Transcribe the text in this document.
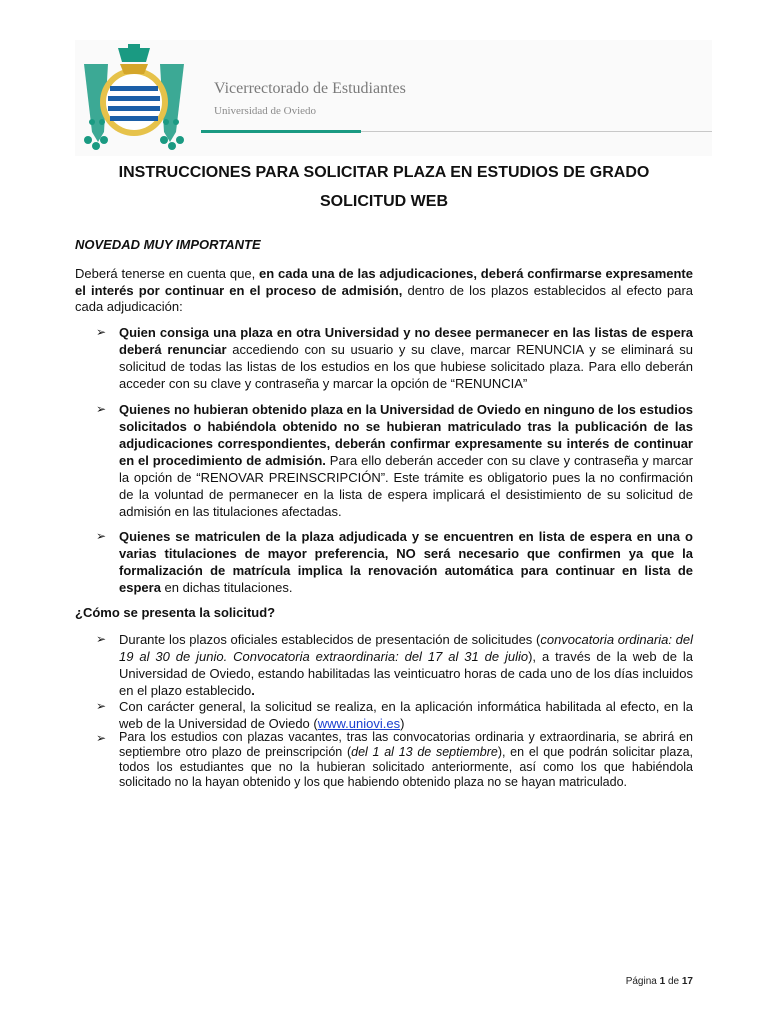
Vicerrectorado de Estudiantes
Universidad de Oviedo
INSTRUCCIONES PARA SOLICITAR PLAZA EN ESTUDIOS DE GRADO
SOLICITUD WEB
NOVEDAD MUY IMPORTANTE

Deberá tenerse en cuenta que, en cada una de las adjudicaciones, deberá confirmarse expresamente el interés por continuar en el proceso de admisión, dentro de los plazos establecidos al efecto para cada adjudicación:

➢ Quien consiga una plaza en otra Universidad y no desee permanecer en las listas de espera deberá renunciar accediendo con su usuario y su clave, marcar RENUNCIA y se eliminará su solicitud de todas las listas de los estudios en los que hubiese solicitado plaza. Para ello deberán acceder con su clave y contraseña y marcar la opción de “RENUNCIA”

➢ Quienes no hubieran obtenido plaza en la Universidad de Oviedo en ninguno de los estudios solicitados o habiéndola obtenido no se hubieran matriculado tras la publicación de las adjudicaciones correspondientes, deberán confirmar expresamente su interés de continuar en el procedimiento de admisión. Para ello deberán acceder con su clave y contraseña y marcar la opción de “RENOVAR PREINSCRIPCIÓN”. Este trámite es obligatorio pues la no confirmación de la voluntad de permanecer en la lista de espera implicará el desistimiento de su solicitud de admisión en las titulaciones afectadas.

➢ Quienes se matriculen de la plaza adjudicada y se encuentren en lista de espera en una o varias titulaciones de mayor preferencia, NO será necesario que confirmen ya que la formalización de matrícula implica la renovación automática para continuar en lista de espera en dichas titulaciones.

¿Cómo se presenta la solicitud?
➢ Durante los plazos oficiales establecidos de presentación de solicitudes (convocatoria ordinaria: del 19 al 30 de junio. Convocatoria extraordinaria: del 17 al 31 de julio), a través de la web de la Universidad de Oviedo, estando habilitadas las veinticuatro horas de cada uno de los días incluidos en el plazo establecido.

➢ Con carácter general, la solicitud se realiza, en la aplicación informática habilitada al efecto, en la web de la Universidad de Oviedo (www.uniovi.es)

➢ Para los estudios con plazas vacantes, tras las convocatorias ordinaria y extraordinaria, se abrirá en septiembre otro plazo de preinscripción (del 1 al 13 de septiembre), en el que podrán solicitar plaza, todos los estudiantes que no la hubieran solicitado anteriormente, así como los que habiéndola solicitado no la hayan obtenido y los que habiendo obtenido plaza no se hayan matriculado.

Página 1 de 17
